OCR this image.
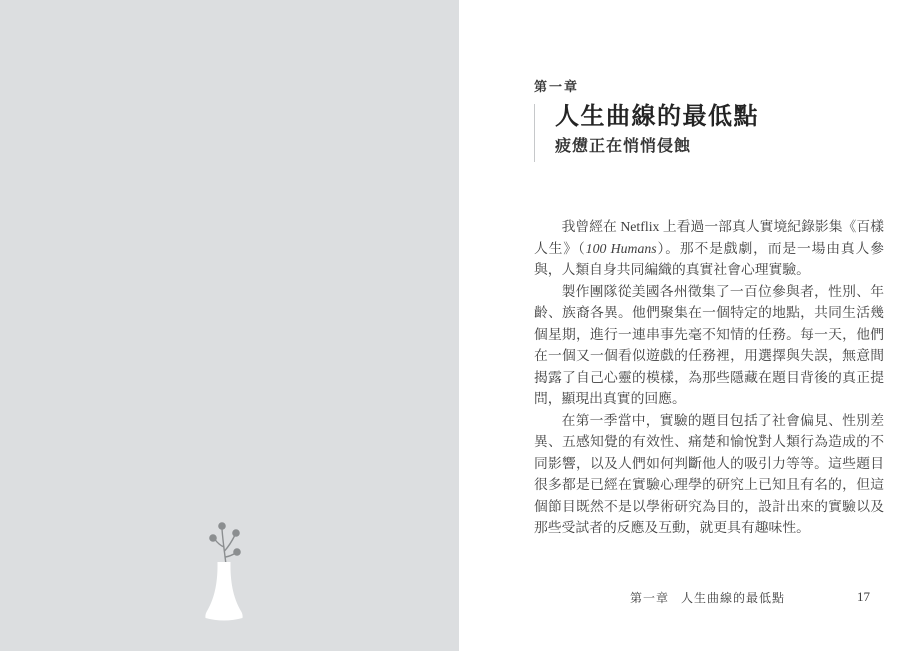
第一章
人生曲線的最低點
疲憊正在悄悄侵蝕

我曾經在 Netflix 上看過一部真人實境紀錄影集《百樣人生》（100 Humans）。那不是戲劇，而是一場由真人參與，人類自身共同編織的真實社會心理實驗。

製作團隊從美國各州徵集了一百位參與者，性別、年齡、族裔各異。他們聚集在一個特定的地點，共同生活幾個星期，進行一連串事先毫不知情的任務。每一天，他們在一個又一個看似遊戲的任務裡，用選擇與失誤，無意間揭露了自己心靈的模樣，為那些隱藏在題目背後的真正提問，顯現出真實的回應。

在第一季當中，實驗的題目包括了社會偏見、性別差異、五感知覺的有效性、痛楚和愉悅對人類行為造成的不同影響，以及人們如何判斷他人的吸引力等等。這些題目很多都是已經在實驗心理學的研究上已知且有名的，但這個節目既然不是以學術研究為目的，設計出來的實驗以及那些受試者的反應及互動，就更具有趣味性。

第一章 人生曲線的最低點	17
